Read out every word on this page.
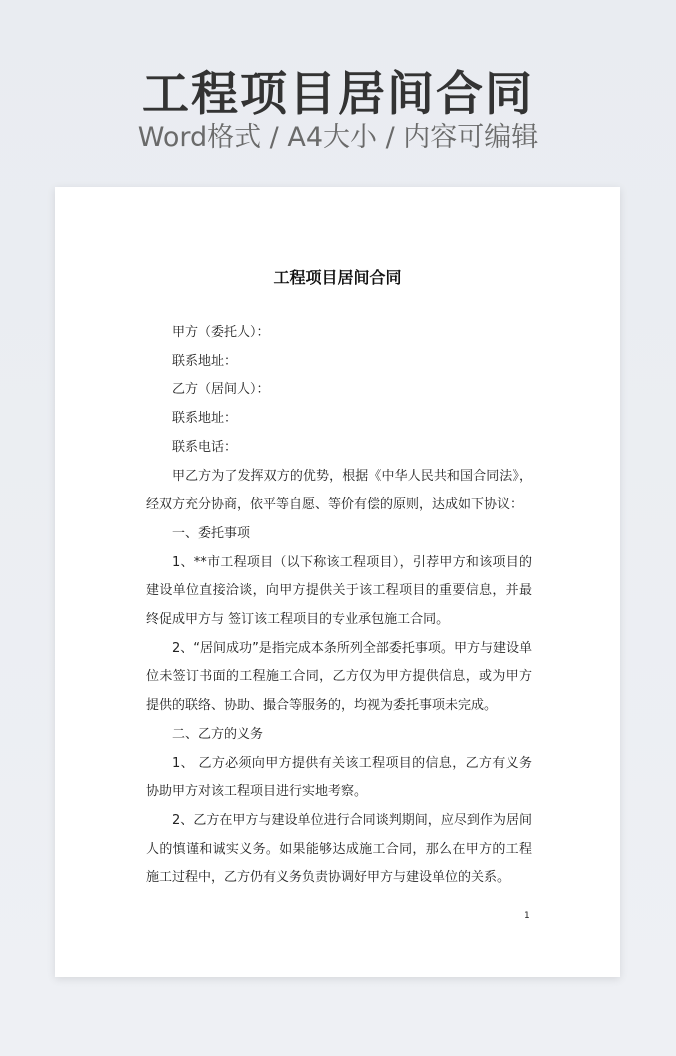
工程项目居间合同
Word格式 / A4大小 / 内容可编辑
工程项目居间合同

甲方（委托人）：

联系地址：

乙方（居间人）：

联系地址：

联系电话：

甲乙方为了发挥双方的优势，根据《中华人民共和国合同法》，经双方充分协商，依平等自愿、等价有偿的原则，达成如下协议：

一、委托事项

1、**市工程项目（以下称该工程项目），引荐甲方和该项目的建设单位直接洽谈，向甲方提供关于该工程项目的重要信息，并最终促成甲方与 签订该工程项目的专业承包施工合同。

2、“居间成功”是指完成本条所列全部委托事项。甲方与建设单位未签订书面的工程施工合同，乙方仅为甲方提供信息，或为甲方提供的联络、协助、撮合等服务的，均视为委托事项未完成。

二、乙方的义务

1、 乙方必须向甲方提供有关该工程项目的信息，乙方有义务协助甲方对该工程项目进行实地考察。

2、乙方在甲方与建设单位进行合同谈判期间，应尽到作为居间人的慎谨和诚实义务。如果能够达成施工合同，那么在甲方的工程施工过程中，乙方仍有义务负责协调好甲方与建设单位的关系。

1
